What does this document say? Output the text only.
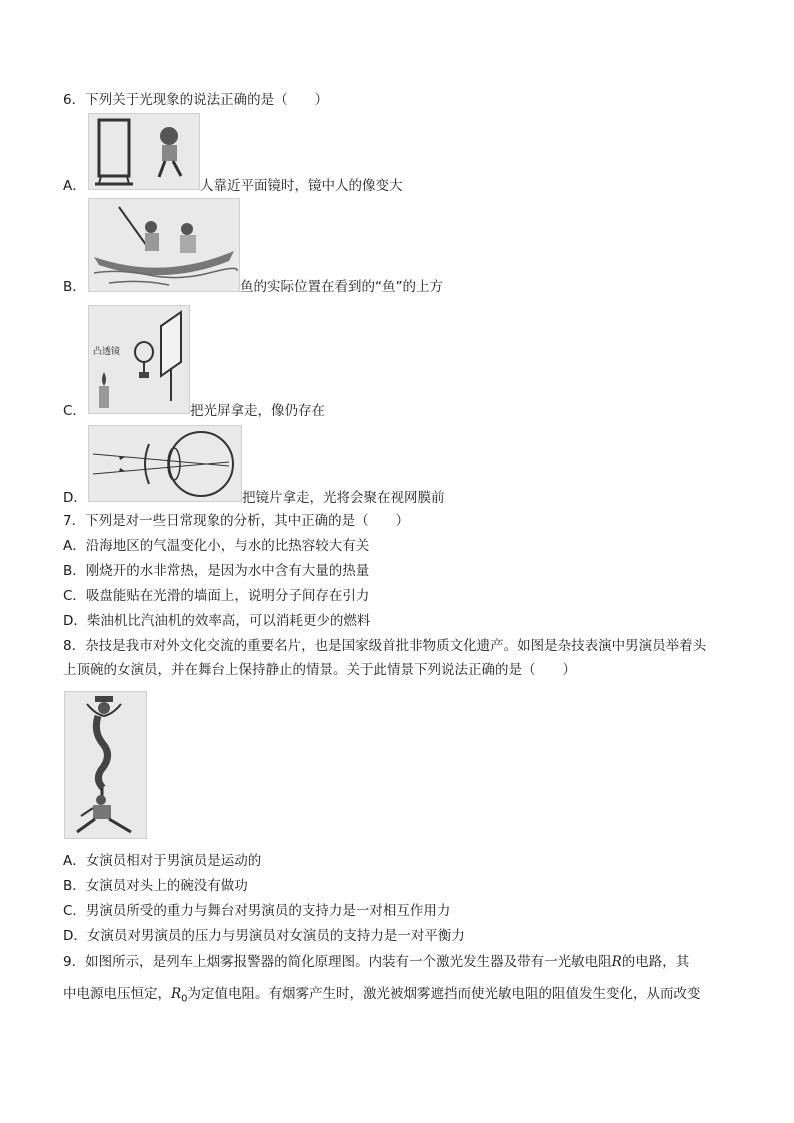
6．下列关于光现象的说法正确的是（　　）
A．	人靠近平面镜时，镜中人的像变大
B．	鱼的实际位置在看到的“鱼”的上方
凸透镜
C．	把光屏拿走，像仍存在
D．	把镜片拿走，光将会聚在视网膜前
7．下列是对一些日常现象的分析，其中正确的是（　　）
A．沿海地区的气温变化小，与水的比热容较大有关
B．刚烧开的水非常热，是因为水中含有大量的热量
C．吸盘能贴在光滑的墙面上，说明分子间存在引力
D．柴油机比汽油机的效率高，可以消耗更少的燃料
8．杂技是我市对外文化交流的重要名片，也是国家级首批非物质文化遗产。如图是杂技表演中男演员举着头
上顶碗的女演员，并在舞台上保持静止的情景。关于此情景下列说法正确的是（　　）
A．女演员相对于男演员是运动的
B．女演员对头上的碗没有做功
C．男演员所受的重力与舞台对男演员的支持力是一对相互作用力
D．女演员对男演员的压力与男演员对女演员的支持力是一对平衡力
9．如图所示，是列车上烟雾报警器的简化原理图。内装有一个激光发生器及带有一光敏电阻R的电路，其
中电源电压恒定，$R_0$为定值电阻。有烟雾产生时，激光被烟雾遮挡而使光敏电阻的阻值发生变化，从而改变
